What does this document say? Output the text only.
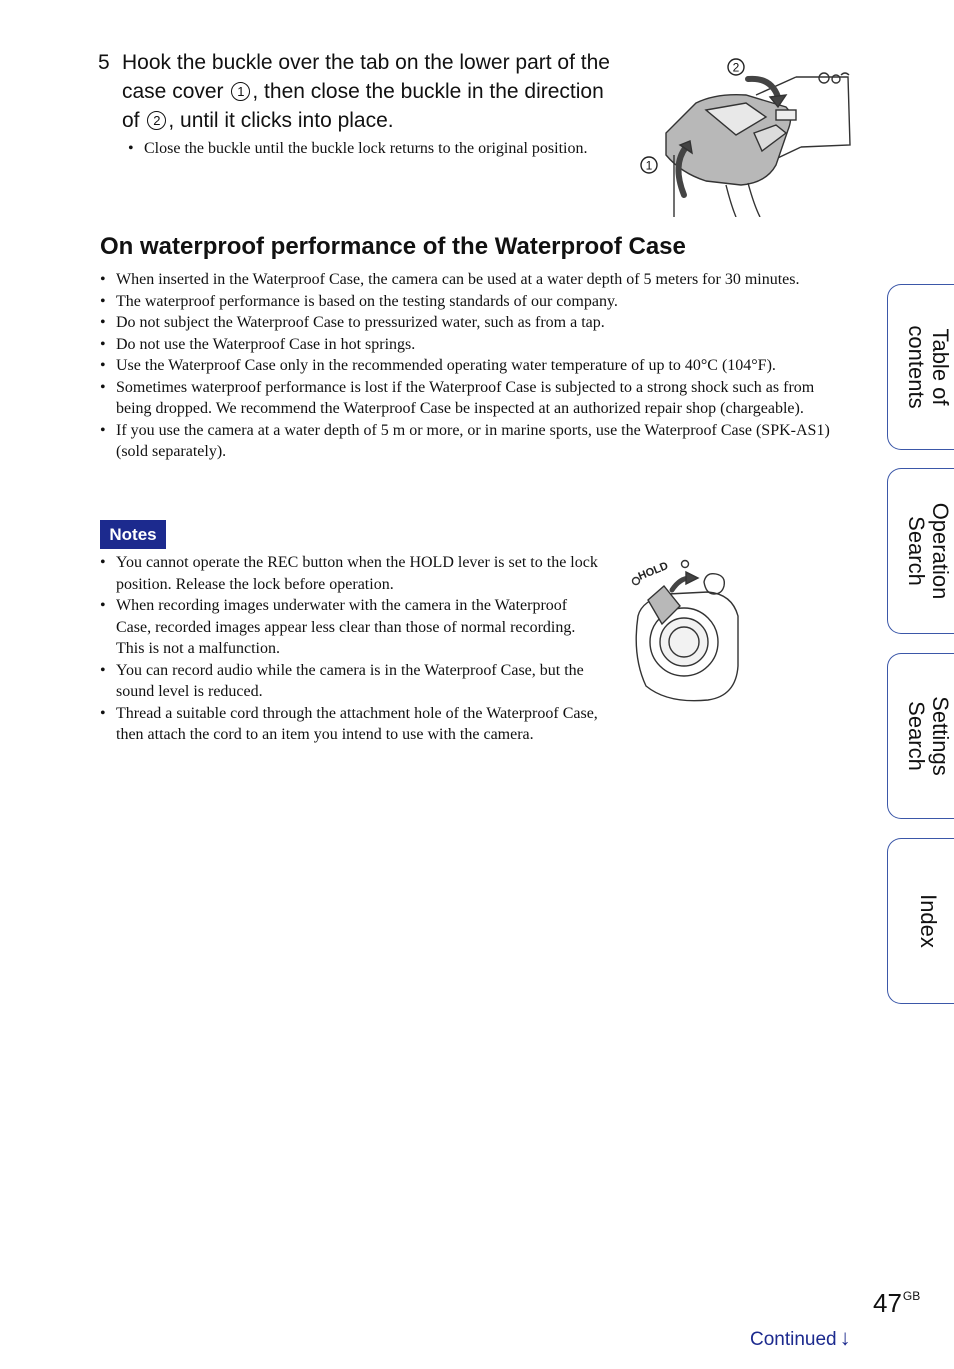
5 Hook the buckle over the tab on the lower part of the case cover 1 , then close the buckle in the direction of 2 , until it clicks into place.
• Close the buckle until the buckle lock returns to the original position.
2
1
On waterproof performance of the Waterproof Case
• When inserted in the Waterproof Case, the camera can be used at a water depth of 5 meters for 30 minutes.
• The waterproof performance is based on the testing standards of our company.
• Do not subject the Waterproof Case to pressurized water, such as from a tap.
• Do not use the Waterproof Case in hot springs.
• Use the Waterproof Case only in the recommended operating water temperature of up to 40°C (104°F).
• Sometimes waterproof performance is lost if the Waterproof Case is subjected to a strong shock such as from being dropped. We recommend the Waterproof Case be inspected at an authorized repair shop (chargeable).
• If you use the camera at a water depth of 5 m or more, or in marine sports, use the Waterproof Case (SPK-AS1) (sold separately).
Notes
• You cannot operate the REC button when the HOLD lever is set to the lock position. Release the lock before operation.
• When recording images underwater with the camera in the Waterproof Case, recorded images appear less clear than those of normal recording. This is not a malfunction.
• You can record audio while the camera is in the Waterproof Case, but the sound level is reduced.
• Thread a suitable cord through the attachment hole of the Waterproof Case, then attach the cord to an item you intend to use with the camera.
HOLD
Table of
contents
Operation
Search
Settings
Search
Index
$47^{GB}$
Continued ↓
